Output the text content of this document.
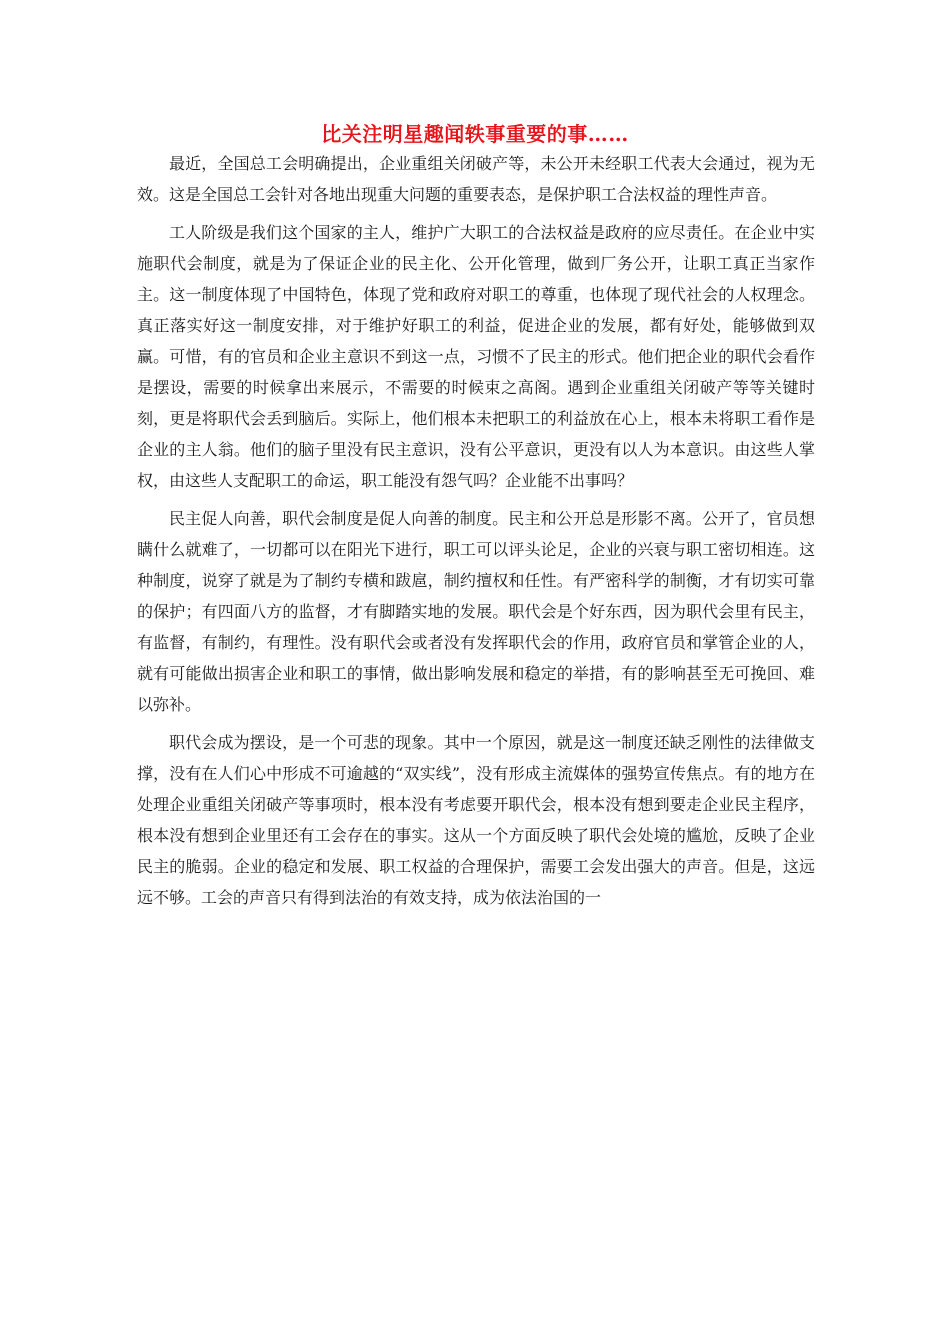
比关注明星趣闻轶事重要的事……

最近，全国总工会明确提出，企业重组关闭破产等，未公开未经职工代表大会通过，视为无效。这是全国总工会针对各地出现重大问题的重要表态，是保护职工合法权益的理性声音。

工人阶级是我们这个国家的主人，维护广大职工的合法权益是政府的应尽责任。在企业中实施职代会制度，就是为了保证企业的民主化、公开化管理，做到厂务公开，让职工真正当家作主。这一制度体现了中国特色，体现了党和政府对职工的尊重，也体现了现代社会的人权理念。真正落实好这一制度安排，对于维护好职工的利益，促进企业的发展，都有好处，能够做到双赢。可惜，有的官员和企业主意识不到这一点，习惯不了民主的形式。他们把企业的职代会看作是摆设，需要的时候拿出来展示，不需要的时候束之高阁。遇到企业重组关闭破产等等关键时刻，更是将职代会丢到脑后。实际上，他们根本未把职工的利益放在心上，根本未将职工看作是企业的主人翁。他们的脑子里没有民主意识，没有公平意识，更没有以人为本意识。由这些人掌权，由这些人支配职工的命运，职工能没有怨气吗？企业能不出事吗？

民主促人向善，职代会制度是促人向善的制度。民主和公开总是形影不离。公开了，官员想瞒什么就难了，一切都可以在阳光下进行，职工可以评头论足，企业的兴衰与职工密切相连。这种制度，说穿了就是为了制约专横和跋扈，制约擅权和任性。有严密科学的制衡，才有切实可靠的保护；有四面八方的监督，才有脚踏实地的发展。职代会是个好东西，因为职代会里有民主，有监督，有制约，有理性。没有职代会或者没有发挥职代会的作用，政府官员和掌管企业的人，就有可能做出损害企业和职工的事情，做出影响发展和稳定的举措，有的影响甚至无可挽回、难以弥补。

职代会成为摆设，是一个可悲的现象。其中一个原因，就是这一制度还缺乏刚性的法律做支撑，没有在人们心中形成不可逾越的“双实线”，没有形成主流媒体的强势宣传焦点。有的地方在处理企业重组关闭破产等事项时，根本没有考虑要开职代会，根本没有想到要走企业民主程序，根本没有想到企业里还有工会存在的事实。这从一个方面反映了职代会处境的尴尬，反映了企业民主的脆弱。企业的稳定和发展、职工权益的合理保护，需要工会发出强大的声音。但是，这远远不够。工会的声音只有得到法治的有效支持，成为依法治国的一
